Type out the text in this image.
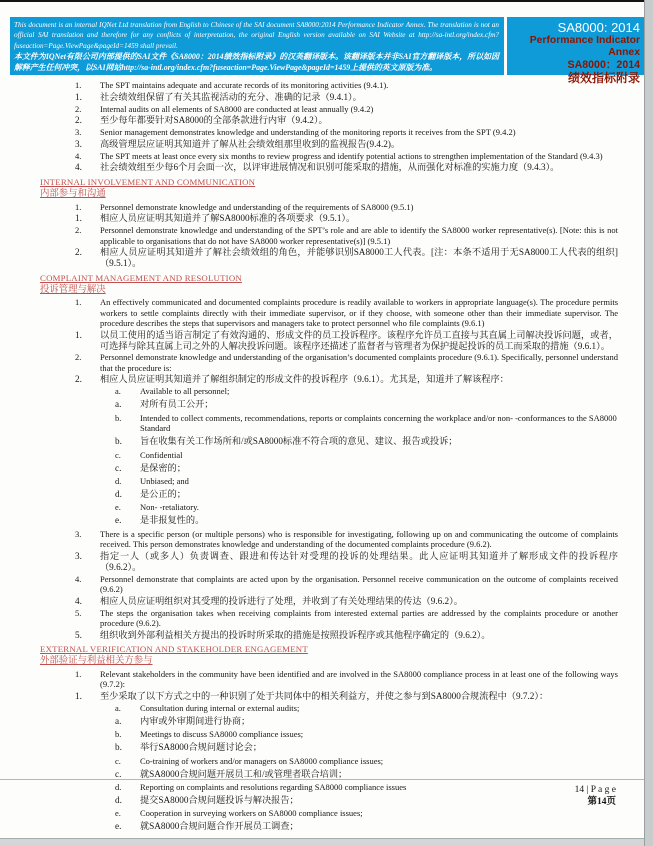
This document is an internal IQNet Ltd translation from English to Chinese of the SAI document SA8000:2014 Performance Indicator Annex. The translation is not an official SAI translation and therefore for any conflicts of interpretation, the original English version available on SAI Website at http://sa-intl.org/index.cfm?fuseaction=Page.ViewPage&pageId=1459 shall prevail.
本文件为IQNet有限公司内部提供的SAI文件《SA8000：2014绩效指标附录》的汉英翻译版本。该翻译版本并非SAI官方翻译版本，所以如因解释产生任何冲突，以SAI网站http://sa-intl.org/index.cfm?fuseaction=Page.ViewPage&pageId=1459上提供的英文原版为准。
SA8000: 2014
Performance Indicator Annex
SA8000：2014
绩效指标附录
1.	The SPT maintains adequate and accurate records of its monitoring activities (9.4.1).
1.	社会绩效组保留了有关其监视活动的充分、准确的记录（9.4.1）。
2.	Internal audits on all elements of SA8000 are conducted at least annually (9.4.2)
2.	至少每年都要针对SA8000的全部条款进行内审（9.4.2）。
3.	Senior management demonstrates knowledge and understanding of the monitoring reports it receives from the SPT (9.4.2)
3.	高级管理层应证明其知道并了解从社会绩效组那里收到的监视报告(9.4.2)。
4.	The SPT meets at least once every six months to review progress and identify potential actions to strengthen implementation of the Standard (9.4.3)
4.	社会绩效组至少每6个月会面一次，以评审进展情况和识别可能采取的措施，从而强化对标准的实施力度（9.4.3）。
INTERNAL INVOLVEMENT AND COMMUNICATION
内部参与和沟通
1.	Personnel demonstrate knowledge and understanding of the requirements of SA8000 (9.5.1)
1.	相应人员应证明其知道并了解SA8000标准的各项要求（9.5.1）。
2.	Personnel demonstrate knowledge and understanding of the SPT’s role and are able to identify the SA8000 worker representative(s). [Note: this is not applicable to organisations that do not have SA8000 worker representative(s)] (9.5.1)
2.	相应人员应证明其知道并了解社会绩效组的角色，并能够识别SA8000工人代表。[注：本条不适用于无SA8000工人代表的组织]（9.5.1）。
COMPLAINT MANAGEMENT AND RESOLUTION
投诉管理与解决
1.	An effectively communicated and documented complaints procedure is readily available to workers in appropriate language(s). The procedure permits workers to settle complaints directly with their immediate supervisor, or if they choose, with someone other than their immediate supervisor. The procedure describes the steps that supervisors and managers take to protect personnel who file complaints (9.6.1)
1.	以员工使用的适当语言制定了有效沟通的、形成文件的员工投诉程序。该程序允许员工直接与其直属上司解决投诉问题，或者， 可选择与除其直属上司之外的人解决投诉问题。该程序还描述了监督者与管理者为保护提起投诉的员工而采取的措施（9.6.1）。
2.	Personnel demonstrate knowledge and understanding of the organisation’s documented complaints procedure (9.6.1). Specifically, personnel understand that the procedure is:
2.	相应人员应证明其知道并了解组织制定的形成文件的投诉程序（9.6.1）。尤其是，知道并了解该程序：
a.	Available to all personnel;
a.	对所有员工公开；
b.	Intended to collect comments, recommendations, reports or complaints concerning the workplace and/or non- -conformances to the SA8000 Standard
b.	旨在收集有关工作场所和/或SA8000标准不符合项的意见、建议、报告或投诉；
c.	Confidential
c.	是保密的；
d.	Unbiased; and
d.	是公正的；
e.	Non- -retaliatory.
e.	是非报复性的。
3.	There is a specific person (or multiple persons) who is responsible for investigating, following up on and communicating the outcome of complaints received. This person demonstrates knowledge and understanding of the documented complaints procedure (9.6.2).
3.	指定一人（或多人）负责调查、跟进和传达针对受理的投诉的处理结果。此人应证明其知道并了解形成文件的投诉程序（9.6.2）。
4.	Personnel demonstrate that complaints are acted upon by the organisation. Personnel receive communication on the outcome of complaints received (9.6.2)
4.	相应人员应证明组织对其受理的投诉进行了处理，并收到了有关处理结果的传达（9.6.2）。
5.	The steps the organisation takes when receiving complaints from interested external parties are addressed by the complaints procedure or another procedure (9.6.2).
5.	组织收到外部利益相关方提出的投诉时所采取的措施是按照投诉程序或其他程序确定的（9.6.2）。
EXTERNAL VERIFICATION AND STAKEHOLDER ENGAGEMENT
外部验证与利益相关方参与
1.	Relevant stakeholders in the community have been identified and are involved in the SA8000 compliance process in at least one of the following ways (9.7.2):
1.	至少采取了以下方式之中的一种识别了处于共同体中的相关利益方，并使之参与到SA8000合规流程中（9.7.2）：
a.	Consultation during internal or external audits;
a.	内审或外审期间进行协商；
b.	Meetings to discuss SA8000 compliance issues;
b.	举行SA8000合规问题讨论会；
c.	Co-training of workers and/or managers on SA8000 compliance issues;
c.	就SA8000合规问题开展员工和/或管理者联合培训；
d.	Reporting on complaints and resolutions regarding SA8000 compliance issues
d.	提交SA8000合规问题投诉与解决报告；
e.	Cooperation in surveying workers on SA8000 compliance issues;
e.	就SA8000合规问题合作开展员工调查；
14 | P a g e
第14页
